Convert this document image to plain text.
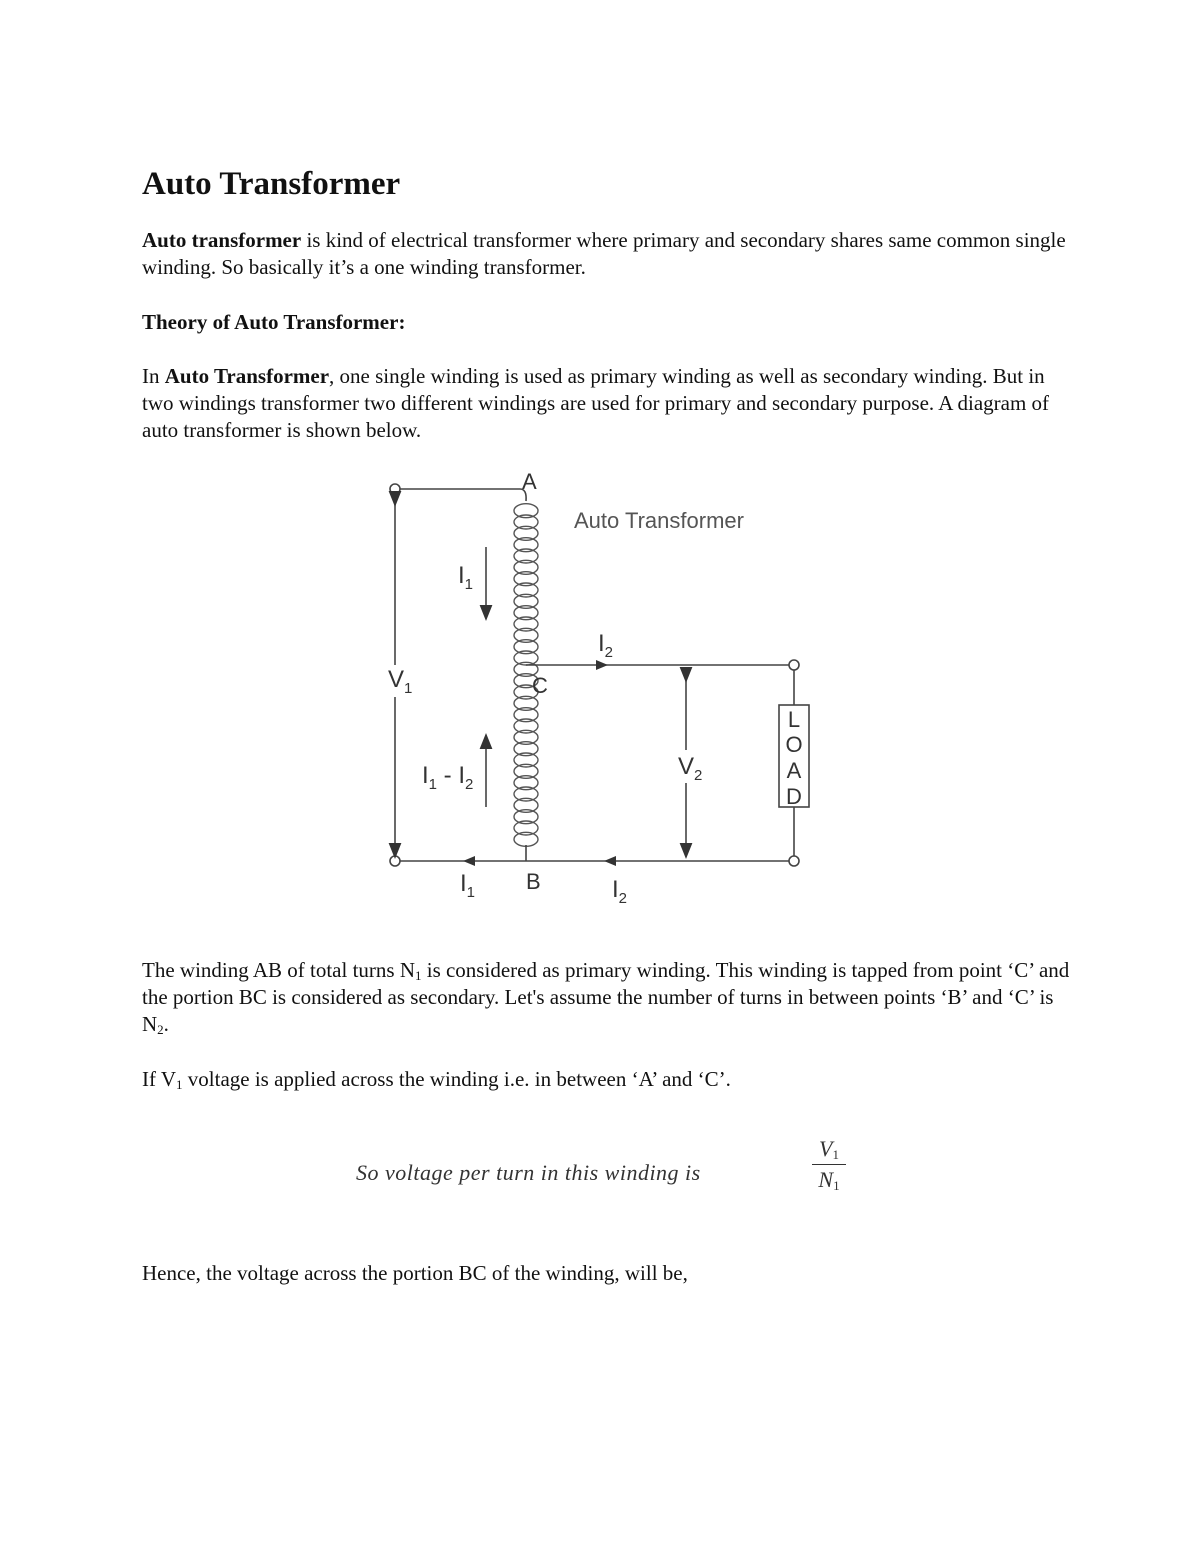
Auto Transformer

Auto transformer is kind of electrical transformer where primary and secondary shares same common single winding. So basically it’s a one winding transformer.

Theory of Auto Transformer:

In Auto Transformer, one single winding is used as primary winding as well as secondary winding. But in two windings transformer two different windings are used for primary and secondary purpose. A diagram of auto transformer is shown below.

The winding AB of total turns $N_1$ is considered as primary winding. This winding is tapped from point ‘C’ and the portion BC is considered as secondary. Let's assume the number of turns in between points ‘B’ and ‘C’ is $N_2$.

If $V_1$ voltage is applied across the winding i.e. in between ‘A’ and ‘C’.

Hence, the voltage across the portion BC of the winding, will be,

L
O
A
D
$V_1$
$V_2$
$I_1$
$I_1 - I_2$
$I_2$
$I_1$	$I_2$
A
C
B
Auto Transformer
So voltage per turn in this winding is
$V_1$
$N_1$
